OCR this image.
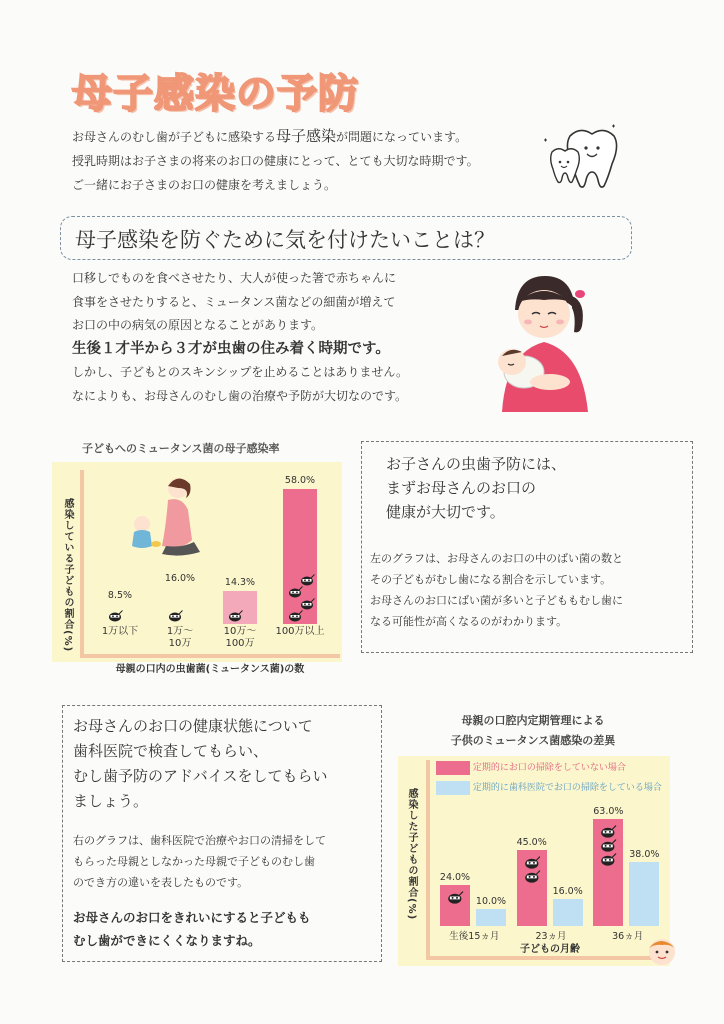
母子感染の予防
お母さんのむし歯が子どもに感染する母子感染が問題になっています。
授乳時期はお子さまの将来のお口の健康にとって、とても大切な時期です。
ご一緒にお子さまのお口の健康を考えましょう。
母子感染を防ぐために気を付けたいことは？
口移しでものを食べさせたり、大人が使った箸で赤ちゃんに
食事をさせたりすると、ミュータンス菌などの細菌が増えて
お口の中の病気の原因となることがあります。
生後１才半から３才が虫歯の住み着く時期です。
しかし、子どもとのスキンシップを止めることはありません。
なによりも、お母さんのむし歯の治療や予防が大切なのです。
子どもへのミュータンス菌の母子感染率
感染している子どもの割合(%)
母親の口内の虫歯菌(ミュータンス菌)の数
8.5%
16.0%	14.3%
58.0%
1万以下	1万〜
10万
10万〜
100万
100万以上
お子さんの虫歯予防には、
まずお母さんのお口の
健康が大切です。
左のグラフは、お母さんのお口の中のばい菌の数と
その子どもがむし歯になる割合を示しています。
お母さんのお口にばい菌が多いと子どももむし歯に
なる可能性が高くなるのがわかります。
お母さんのお口の健康状態について
歯科医院で検査してもらい、
むし歯予防のアドバイスをしてもらい
ましょう。
右のグラフは、歯科医院で治療やお口の清掃をして
もらった母親としなかった母親で子どものむし歯
のでき方の違いを表したものです。
お母さんのお口をきれいにすると子どもも
むし歯ができにくくなりますね。
母親の口腔内定期管理による
子供のミュータンス菌感染の差異
感染した子どもの割合(%)
子どもの月齢
定期的にお口の掃除をしていない場合
定期的に歯科医院でお口の掃除をしている場合
24.0%
10.0%
45.0%
16.0%
63.0%
38.0%
生後15ヵ月	23ヵ月	36ヵ月
